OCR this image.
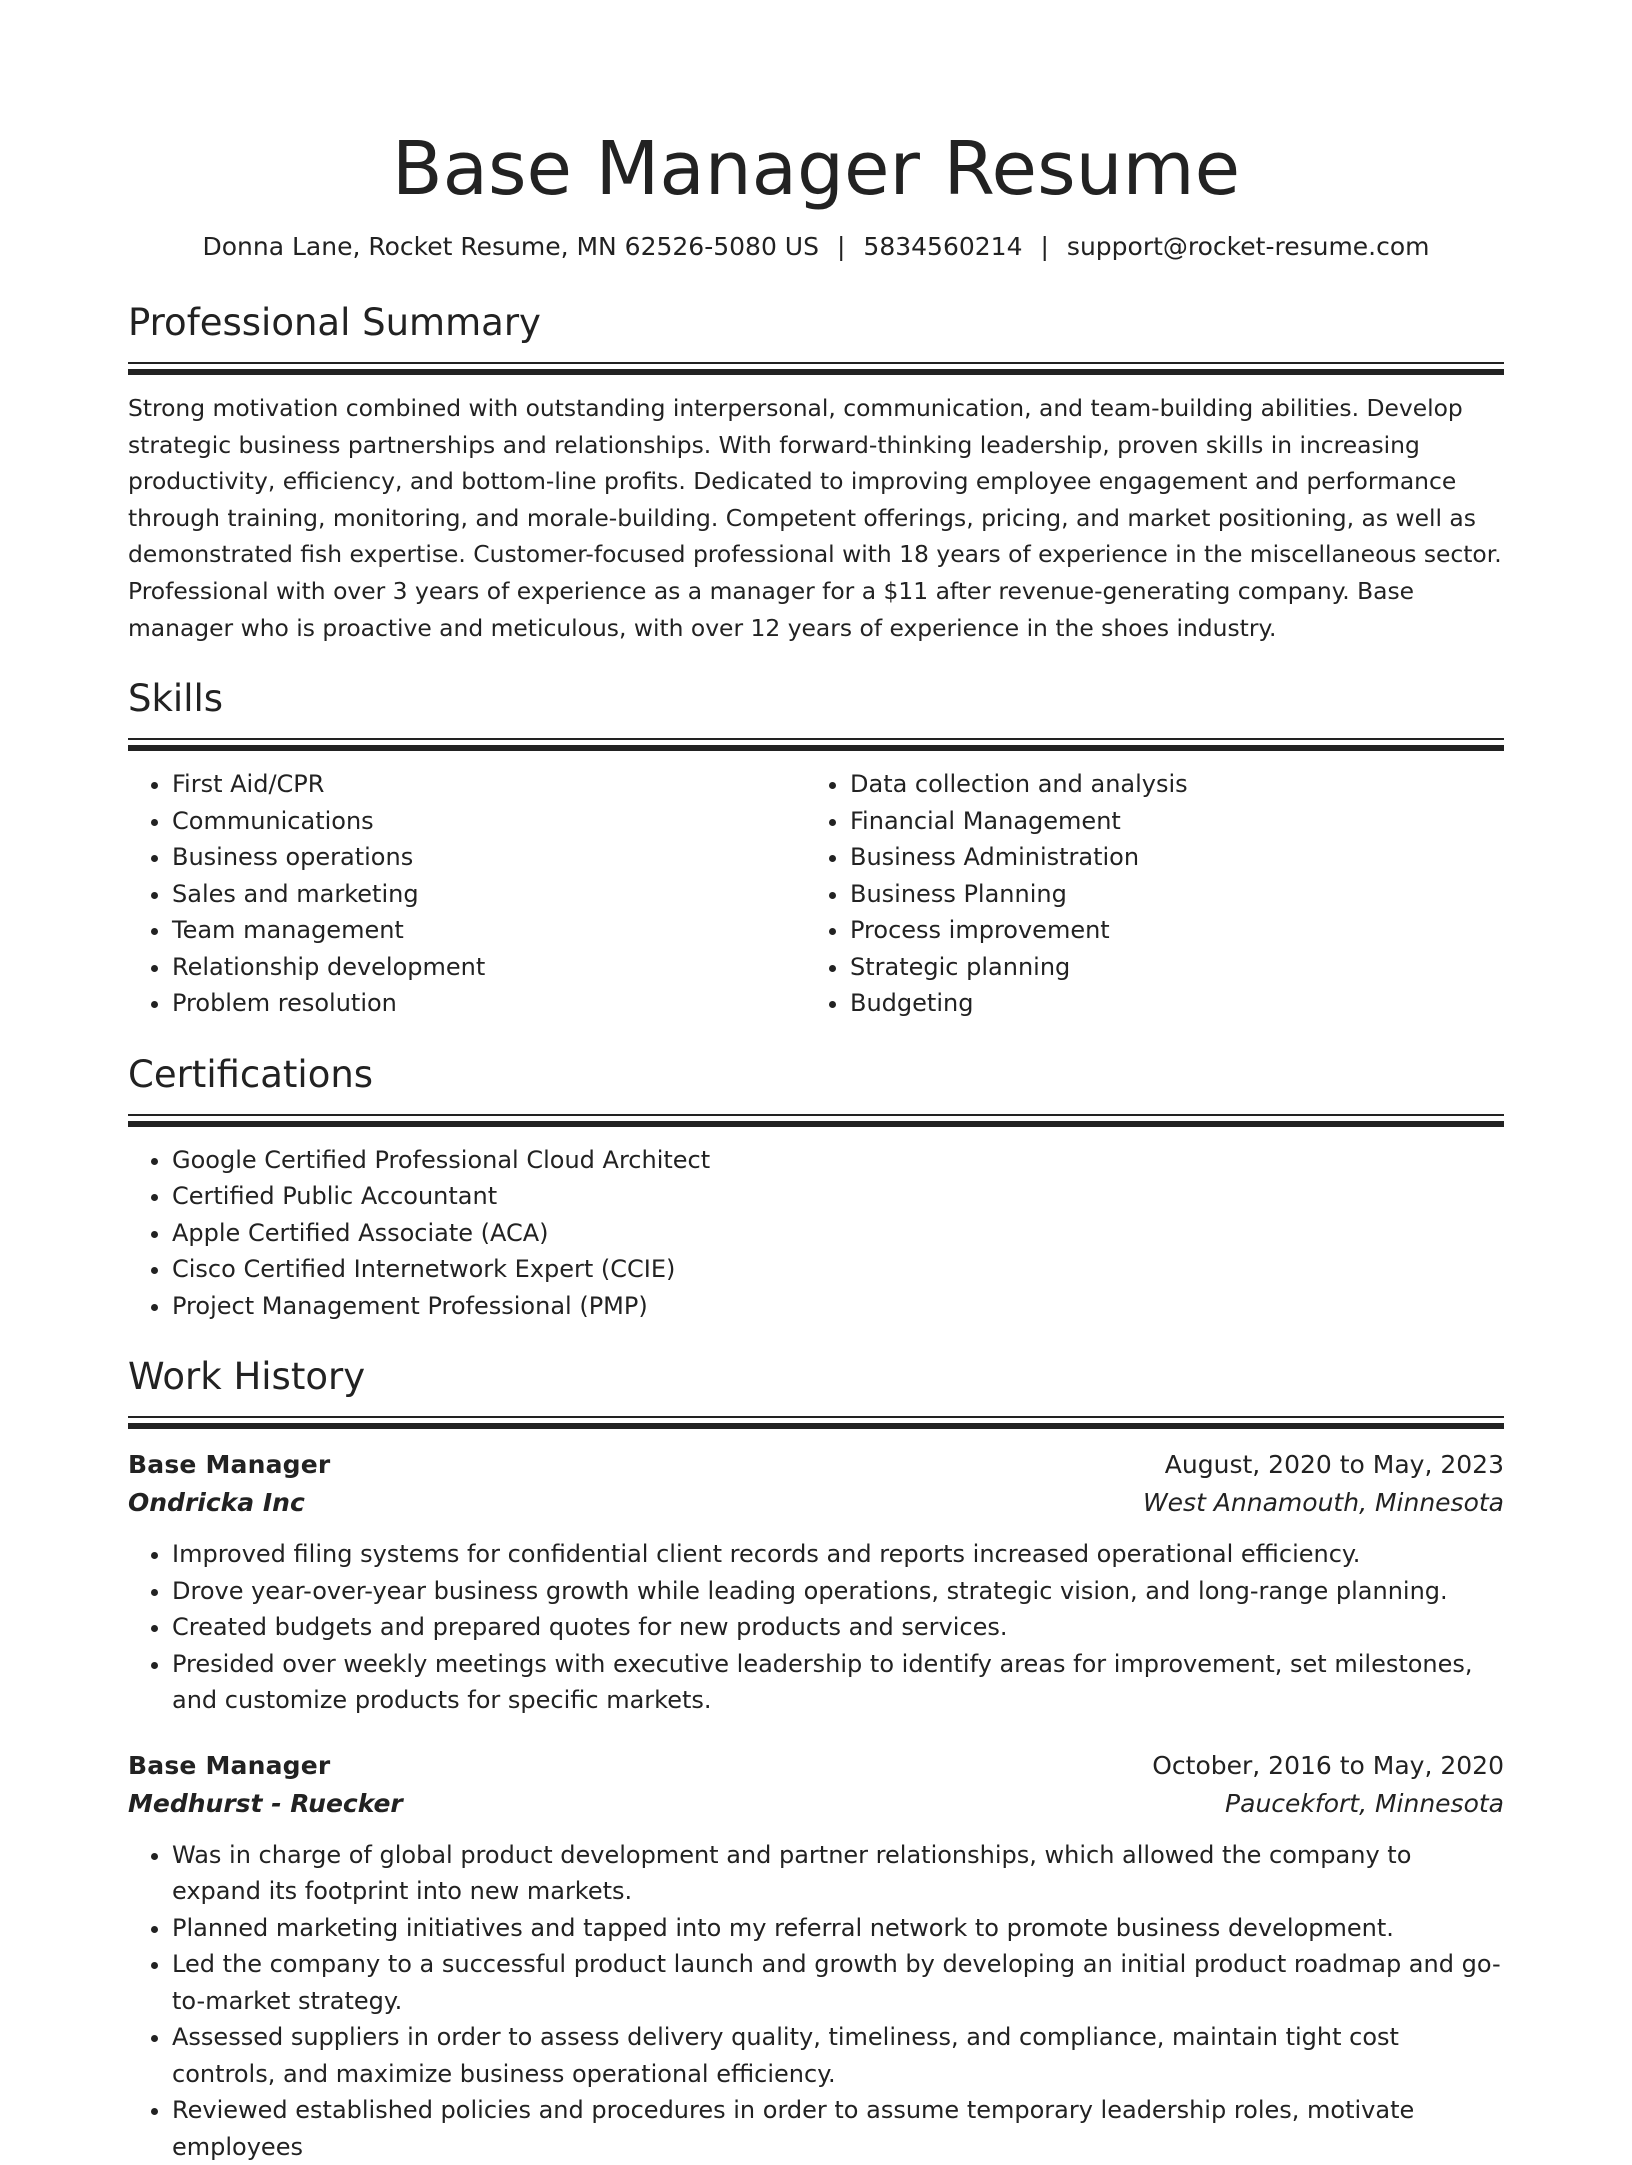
Base Manager Resume
Donna Lane, Rocket Resume, MN 62526-5080 US | 5834560214 | support@rocket-resume.com
Professional Summary
Strong motivation combined with outstanding interpersonal, communication, and team-building abilities. Develop strategic business partnerships and relationships. With forward-thinking leadership, proven skills in increasing productivity, efficiency, and bottom-line profits. Dedicated to improving employee engagement and performance through training, monitoring, and morale-building. Competent offerings, pricing, and market positioning, as well as demonstrated fish expertise. Customer-focused professional with 18 years of experience in the miscellaneous sector. Professional with over 3 years of experience as a manager for a $11 after revenue-generating company. Base manager who is proactive and meticulous, with over 12 years of experience in the shoes industry.
Skills
• First Aid/CPR
• Communications
• Business operations
• Sales and marketing
• Team management
• Relationship development
• Problem resolution
• Data collection and analysis
• Financial Management
• Business Administration
• Business Planning
• Process improvement
• Strategic planning
• Budgeting
Certifications
• Google Certified Professional Cloud Architect
• Certified Public Accountant
• Apple Certified Associate (ACA)
• Cisco Certified Internetwork Expert (CCIE)
• Project Management Professional (PMP)
Work History
Base Manager	August, 2020 to May, 2023
Ondricka Inc	West Annamouth, Minnesota
• Improved filing systems for confidential client records and reports increased operational efficiency.
• Drove year-over-year business growth while leading operations, strategic vision, and long-range planning.
• Created budgets and prepared quotes for new products and services.
• Presided over weekly meetings with executive leadership to identify areas for improvement, set milestones, and customize products for specific markets.
Base Manager	October, 2016 to May, 2020
Medhurst - Ruecker	Paucekfort, Minnesota
• Was in charge of global product development and partner relationships, which allowed the company to expand its footprint into new markets.
• Planned marketing initiatives and tapped into my referral network to promote business development.
• Led the company to a successful product launch and growth by developing an initial product roadmap and go-to-market strategy.
• Assessed suppliers in order to assess delivery quality, timeliness, and compliance, maintain tight cost controls, and maximize business operational efficiency.
• Reviewed established policies and procedures in order to assume temporary leadership roles, motivate employees
